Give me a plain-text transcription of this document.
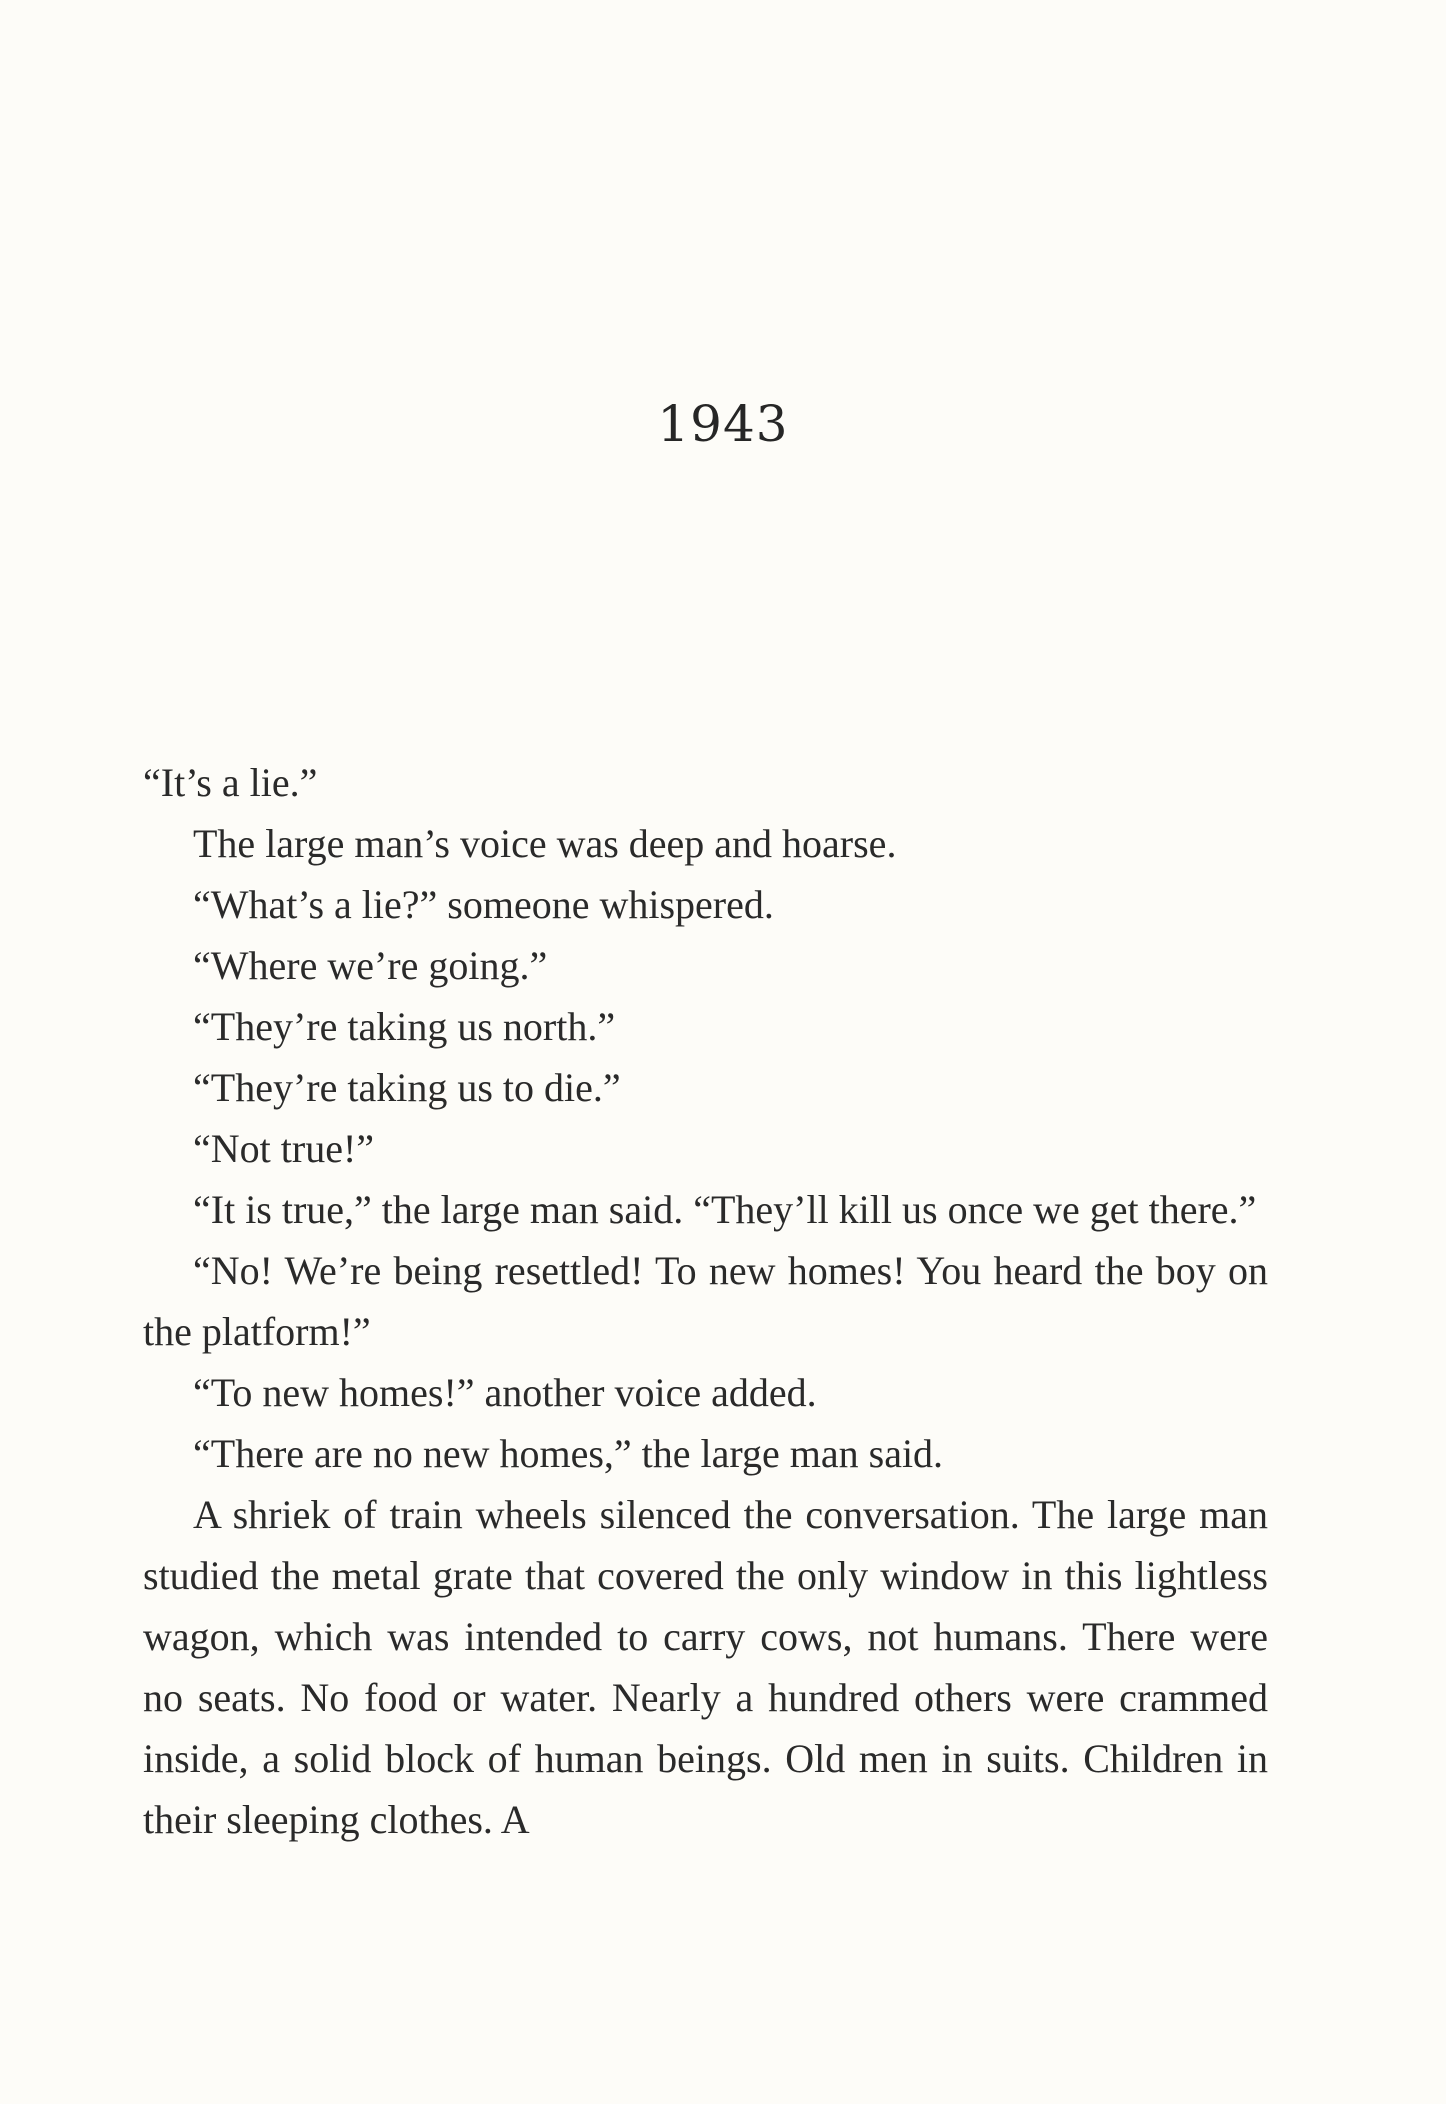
1943

“It’s a lie.”

The large man’s voice was deep and hoarse.

“What’s a lie?” someone whispered.

“Where we’re going.”

“They’re taking us north.”

“They’re taking us to die.”

“Not true!”

“It is true,” the large man said. “They’ll kill us once we get there.”

“No! We’re being resettled! To new homes! You heard the boy on the platform!”

“To new homes!” another voice added.

“There are no new homes,” the large man said.

A shriek of train wheels silenced the conversation. The large man studied the metal grate that covered the only window in this lightless wagon, which was intended to carry cows, not humans. There were no seats. No food or water. Nearly a hundred others were crammed inside, a solid block of human beings. Old men in suits. Children in their sleeping clothes. A
